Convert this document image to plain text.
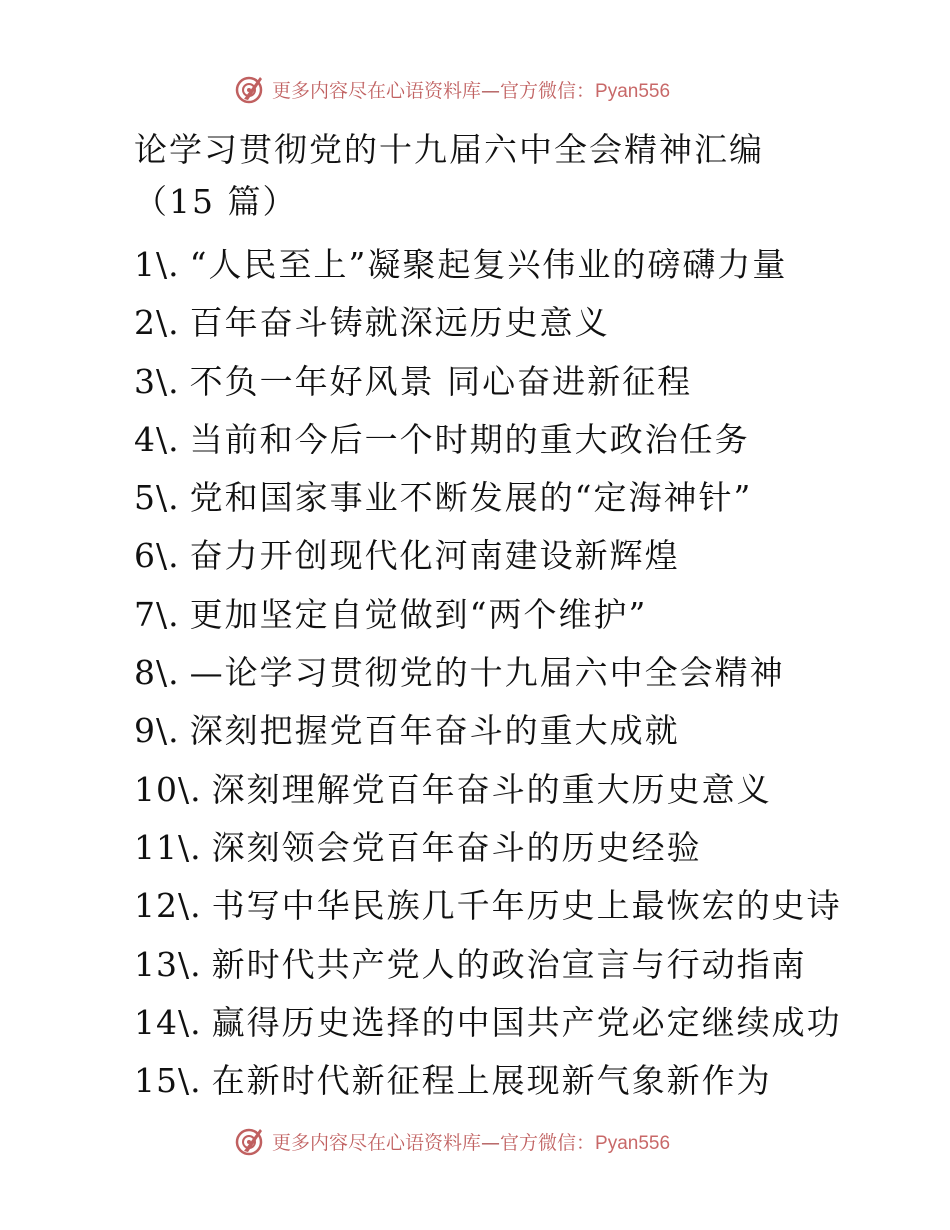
更多内容尽在心语资料库—官方微信：Pyan556
论学习贯彻党的十九届六中全会精神汇编
（15 篇）
1\. “人民至上”凝聚起复兴伟业的磅礴力量
2\. 百年奋斗铸就深远历史意义
3\. 不负一年好风景 同心奋进新征程
4\. 当前和今后一个时期的重大政治任务
5\. 党和国家事业不断发展的“定海神针”
6\. 奋力开创现代化河南建设新辉煌
7\. 更加坚定自觉做到“两个维护”
8\. —论学习贯彻党的十九届六中全会精神
9\. 深刻把握党百年奋斗的重大成就
10\. 深刻理解党百年奋斗的重大历史意义
11\. 深刻领会党百年奋斗的历史经验
12\. 书写中华民族几千年历史上最恢宏的史诗
13\. 新时代共产党人的政治宣言与行动指南
14\. 赢得历史选择的中国共产党必定继续成功
15\. 在新时代新征程上展现新气象新作为
更多内容尽在心语资料库—官方微信：Pyan556
